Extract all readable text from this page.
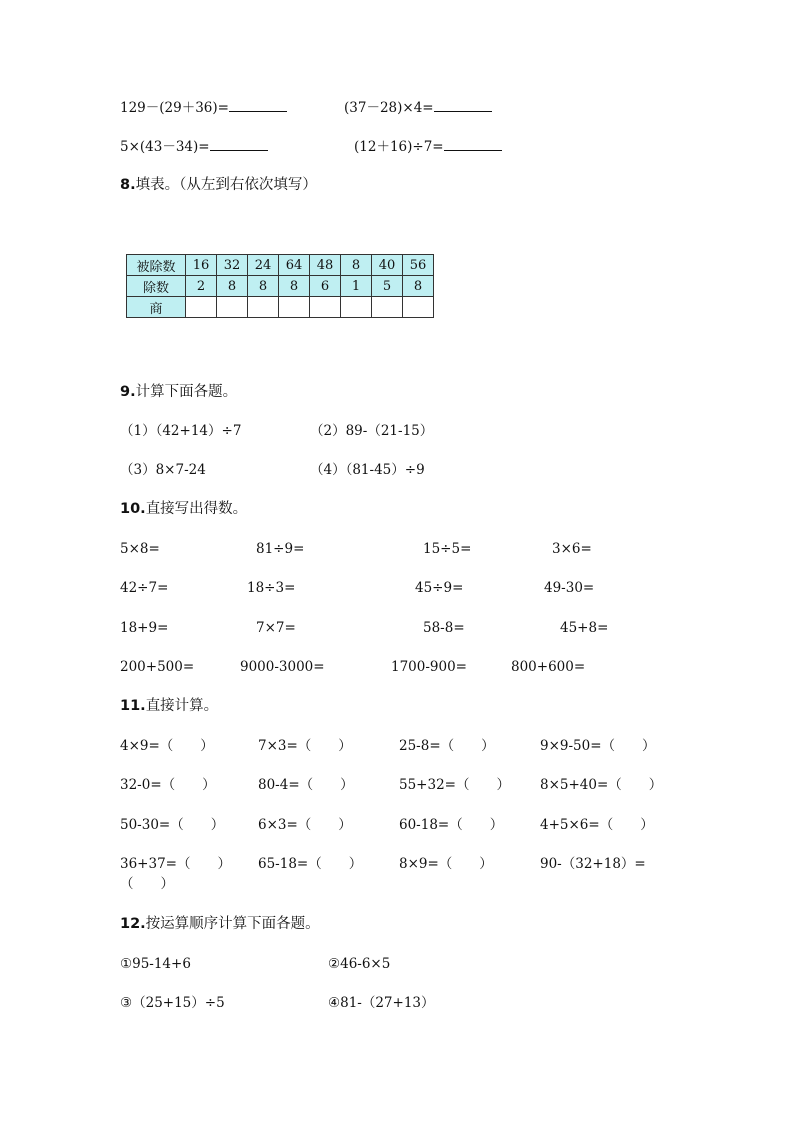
129－(29＋36)=	(37－28)×4=
5×(43－34)=	(12＋16)÷7=
8.填表。（从左到右依次填写）
被除数	16	32	24	64	48	8	40	56
除数	2	8	8	8	6	1	5	8
商								
9.计算下面各题。
（1）（42+14）÷7	（2）89-（21-15）
（3）8×7-24	（4）（81-45）÷9
10.直接写出得数。
5×8=	81÷9=	15÷5=	3×6=
42÷7=	18÷3=	45÷9=	49-30=
18+9=	7×7=	58-8=	45+8=
200+500=	9000-3000=	1700-900=	800+600=
11.直接计算。
4×9=（　　）	7×3=（　　）	25-8=（　　）	9×9-50=（　　）
32-0=（　　）	80-4=（　　）	55+32=（　　） 8×5+40=（　　）
50-30=（　　）	6×3=（　　）	60-18=（　　）	4+5×6=（　　）
36+37=（　　） 65-18=（　　）	8×9=（　　）	90-（32+18）=
（　　）
12.按运算顺序计算下面各题。
①95-14+6	②46-6×5
③（25+15）÷5	④81-（27+13）
